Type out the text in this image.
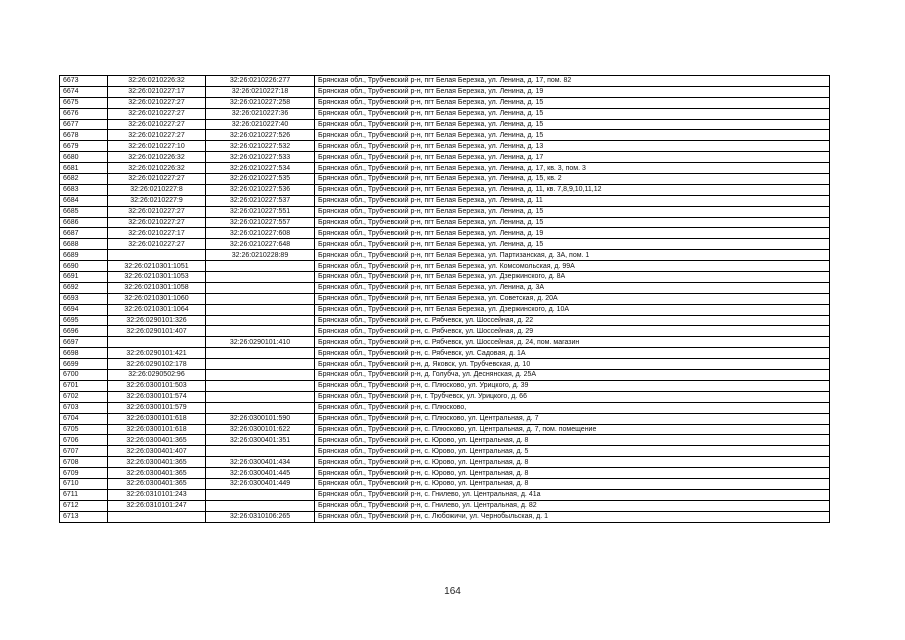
6673	32:26:0210226:32	32:26:0210226:277	Брянская обл., Трубчевский р-н, пгт Белая Березка, ул. Ленина, д. 17, пом. 82
6674	32:26:0210227:17	32:26:0210227:18	Брянская обл., Трубчевский р-н, пгт Белая Березка, ул. Ленина, д. 19
6675	32:26:0210227:27	32:26:0210227:258	Брянская обл., Трубчевский р-н, пгт Белая Березка, ул. Ленина, д. 15
6676	32:26:0210227:27	32:26:0210227:36	Брянская обл., Трубчевский р-н, пгт Белая Березка, ул. Ленина, д. 15
6677	32:26:0210227:27	32:26:0210227:40	Брянская обл., Трубчевский р-н, пгт Белая Березка, ул. Ленина, д. 15
6678	32:26:0210227:27	32:26:0210227:526	Брянская обл., Трубчевский р-н, пгт Белая Березка, ул. Ленина, д. 15
6679	32:26:0210227:10	32:26:0210227:532	Брянская обл., Трубчевский р-н, пгт Белая Березка, ул. Ленина, д. 13
6680	32:26:0210226:32	32:26:0210227:533	Брянская обл., Трубчевский р-н, пгт Белая Березка, ул. Ленина, д. 17
6681	32:26:0210226:32	32:26:0210227:534	Брянская обл., Трубчевский р-н, пгт Белая Березка, ул. Ленина, д. 17, кв. 3, пом. 3
6682	32:26:0210227:27	32:26:0210227:535	Брянская обл., Трубчевский р-н, пгт Белая Березка, ул. Ленина, д. 15, кв. 2
6683	32:26:0210227:8	32:26:0210227:536	Брянская обл., Трубчевский р-н, пгт Белая Березка, ул. Ленина, д. 11, кв. 7,8,9,10,11,12
6684	32:26:0210227:9	32:26:0210227:537	Брянская обл., Трубчевский р-н, пгт Белая Березка, ул. Ленина, д. 11
6685	32:26:0210227:27	32:26:0210227:551	Брянская обл., Трубчевский р-н, пгт Белая Березка, ул. Ленина, д. 15
6686	32:26:0210227:27	32:26:0210227:557	Брянская обл., Трубчевский р-н, пгт Белая Березка, ул. Ленина, д. 15
6687	32:26:0210227:17	32:26:0210227:608	Брянская обл., Трубчевский р-н, пгт Белая Березка, ул. Ленина, д. 19
6688	32:26:0210227:27	32:26:0210227:648	Брянская обл., Трубчевский р-н, пгт Белая Березка, ул. Ленина, д. 15
6689		32:26:0210228:89	Брянская обл., Трубчевский р-н, пгт Белая Березка, ул. Партизанская, д. 3А, пом. 1
6690	32:26:0210301:1051		Брянская обл., Трубчевский р-н, пгт Белая Березка, ул. Комсомольская, д. 99А
6691	32:26:0210301:1053		Брянская обл., Трубчевский р-н, пгт Белая Березка, ул. Дзержинского, д. 8А
6692	32:26:0210301:1058		Брянская обл., Трубчевский р-н, пгт Белая Березка, ул. Ленина, д. 3А
6693	32:26:0210301:1060		Брянская обл., Трубчевский р-н, пгт Белая Березка, ул. Советская, д. 20А
6694	32:26:0210301:1064		Брянская обл., Трубчевский р-н, пгт Белая Березка, ул. Дзержинского, д. 10А
6695	32:26:0290101:326		Брянская обл., Трубчевский р-н, с. Рябчевск, ул. Шоссейная, д. 22
6696	32:26:0290101:407		Брянская обл., Трубчевский р-н, с. Рябчевск, ул. Шоссейная, д. 29
6697		32:26:0290101:410	Брянская обл., Трубчевский р-н, с. Рябчевск, ул. Шоссейная, д. 24, пом. магазин
6698	32:26:0290101:421		Брянская обл., Трубчевский р-н, с. Рябчевск, ул. Садовая, д. 1А
6699	32:26:0290102:178		Брянская обл., Трубчевский р-н, д. Яковск, ул. Трубчевская, д. 10
6700	32:26:0290502:96		Брянская обл., Трубчевский р-н, д. Голубча, ул. Деснянская, д. 25А
6701	32:26:0300101:503		Брянская обл., Трубчевский р-н, с. Плюсково, ул. Урицкого, д. 39
6702	32:26:0300101:574		Брянская обл., Трубчевский р-н, г. Трубчевск, ул. Урицкого, д. 66
6703	32:26:0300101:579		Брянская обл., Трубчевский р-н, с. Плюсково,
6704	32:26:0300101:618	32:26:0300101:590	Брянская обл., Трубчевский р-н, с. Плюсково, ул. Центральная, д. 7
6705	32:26:0300101:618	32:26:0300101:622	Брянская обл., Трубчевский р-н, с. Плюсково, ул. Центральная, д. 7, пом. помещение
6706	32:26:0300401:365	32:26:0300401:351	Брянская обл., Трубчевский р-н, с. Юрово, ул. Центральная, д. 8
6707	32:26:0300401:407		Брянская обл., Трубчевский р-н, с. Юрово, ул. Центральная, д. 5
6708	32:26:0300401:365	32:26:0300401:434	Брянская обл., Трубчевский р-н, с. Юрово, ул. Центральная, д. 8
6709	32:26:0300401:365	32:26:0300401:445	Брянская обл., Трубчевский р-н, с. Юрово, ул. Центральная, д. 8
6710	32:26:0300401:365	32:26:0300401:449	Брянская обл., Трубчевский р-н, с. Юрово, ул. Центральная, д. 8
6711	32:26:0310101:243		Брянская обл., Трубчевский р-н, с. Гнилево, ул. Центральная, д. 41а
6712	32:26:0310101:247		Брянская обл., Трубчевский р-н, с. Гнилево, ул. Центральная, д. 82
6713		32:26:0310106:265	Брянская обл., Трубчевский р-н, с. Любожичи, ул. Чернобыльская, д. 1
164
